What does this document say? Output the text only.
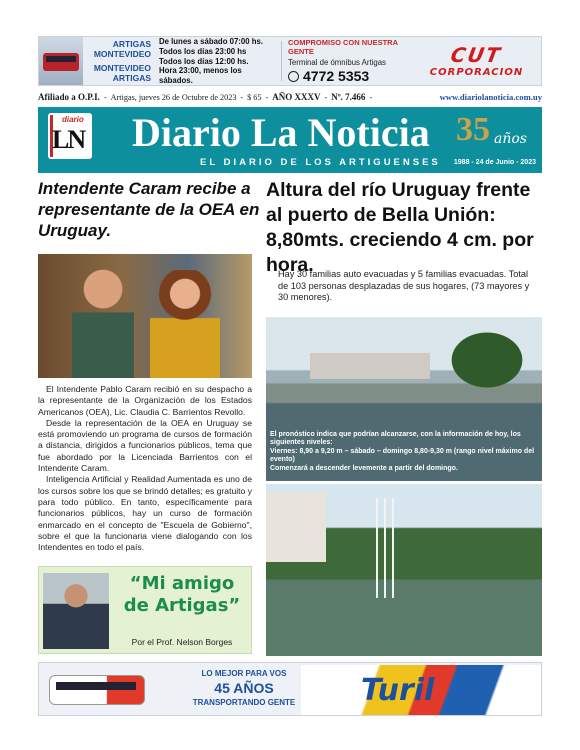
ARTIGAS
MONTEVIDEO
MONTEVIDEO
ARTIGAS
De lunes a sábado 07:00 hs.
Todos los días 23:00 hs
Todos los días 12:00 hs.
Hora 23:00, menos los sábados.
COMPROMISO CON NUESTRA GENTE
Terminal de ómnibus Artigas
4772 5353
CUT
CORPORACION
Afiliado a O.P.I. - Artigas, jueves 26 de Octubre de 2023 - $ 65 - AÑO XXXV - Nº. 7.466 -	www.diariolanoticia.com.uy
diario
LN Diario La Noticia
EL DIARIO DE LOS ARTIGUENSES
35 años
1988 - 24 de Junio - 2023
Intendente Caram recibe a representante de la OEA en Uruguay.

El Intendente Pablo Caram recibió en su despacho a la representante de la Organización de los Estados Americanos (OEA), Lic. Claudia C. Barrientos Revollo.

Desde la representación de la OEA en Uruguay se está promoviendo un programa de cursos de formación a distancia, dirigidos a funcionarios públicos, tema que fue abordado por la Licenciada Barrientos con el Intendente Caram.

Inteligencia Artificial y Realidad Aumentada es uno de los cursos sobre los que se brindó detalles; es gratuito y para todo público. En tanto, específicamente para funcionarios públicos, hay un curso de formación enmarcado en el concepto de "Escuela de Gobierno", sobre el que la funcionaria viene dialogando con los Intendentes en todo el país.

“Mi amigo de Artigas”
Por el Prof. Nelson Borges
Altura del río Uruguay frente al puerto de Bella Unión: 8,80mts. creciendo 4 cm. por hora.
Hay 30 familias auto evacuadas y 5 familias evacuadas. Total de 103 personas desplazadas de sus hogares, (73 mayores y 30 menores).
El pronóstico indica que podrían alcanzarse, con la información de hoy, los siguientes niveles:
Viernes: 8,90 a 9,20 m – sábado – domingo 8,80-9,30 m (rango nivel máximo del evento)
Comenzará a descender levemente a partir del domingo.
LO MEJOR PARA VOS
45 AÑOS
TRANSPORTANDO GENTE Turil
